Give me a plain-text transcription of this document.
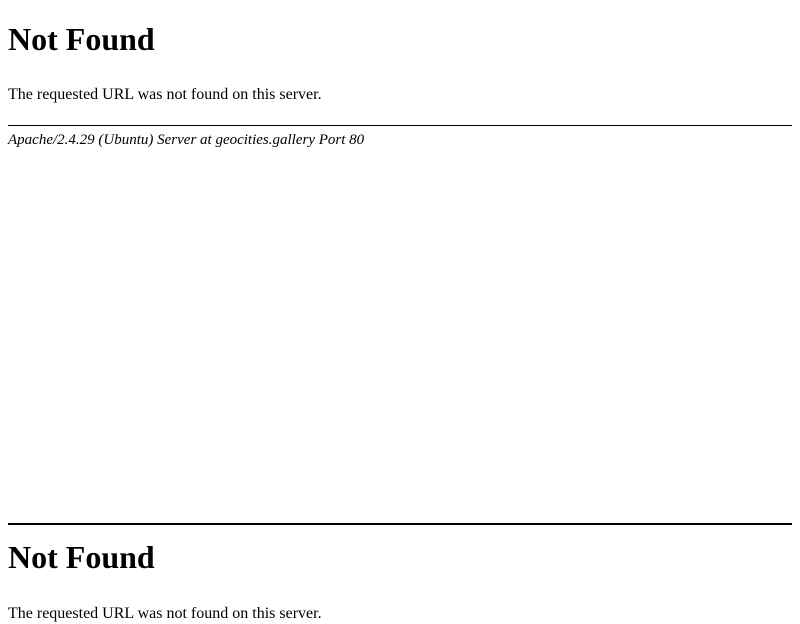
Not Found

The requested URL was not found on this server.

Apache/2.4.29 (Ubuntu) Server at geocities.gallery Port 80
Not Found

The requested URL was not found on this server.
